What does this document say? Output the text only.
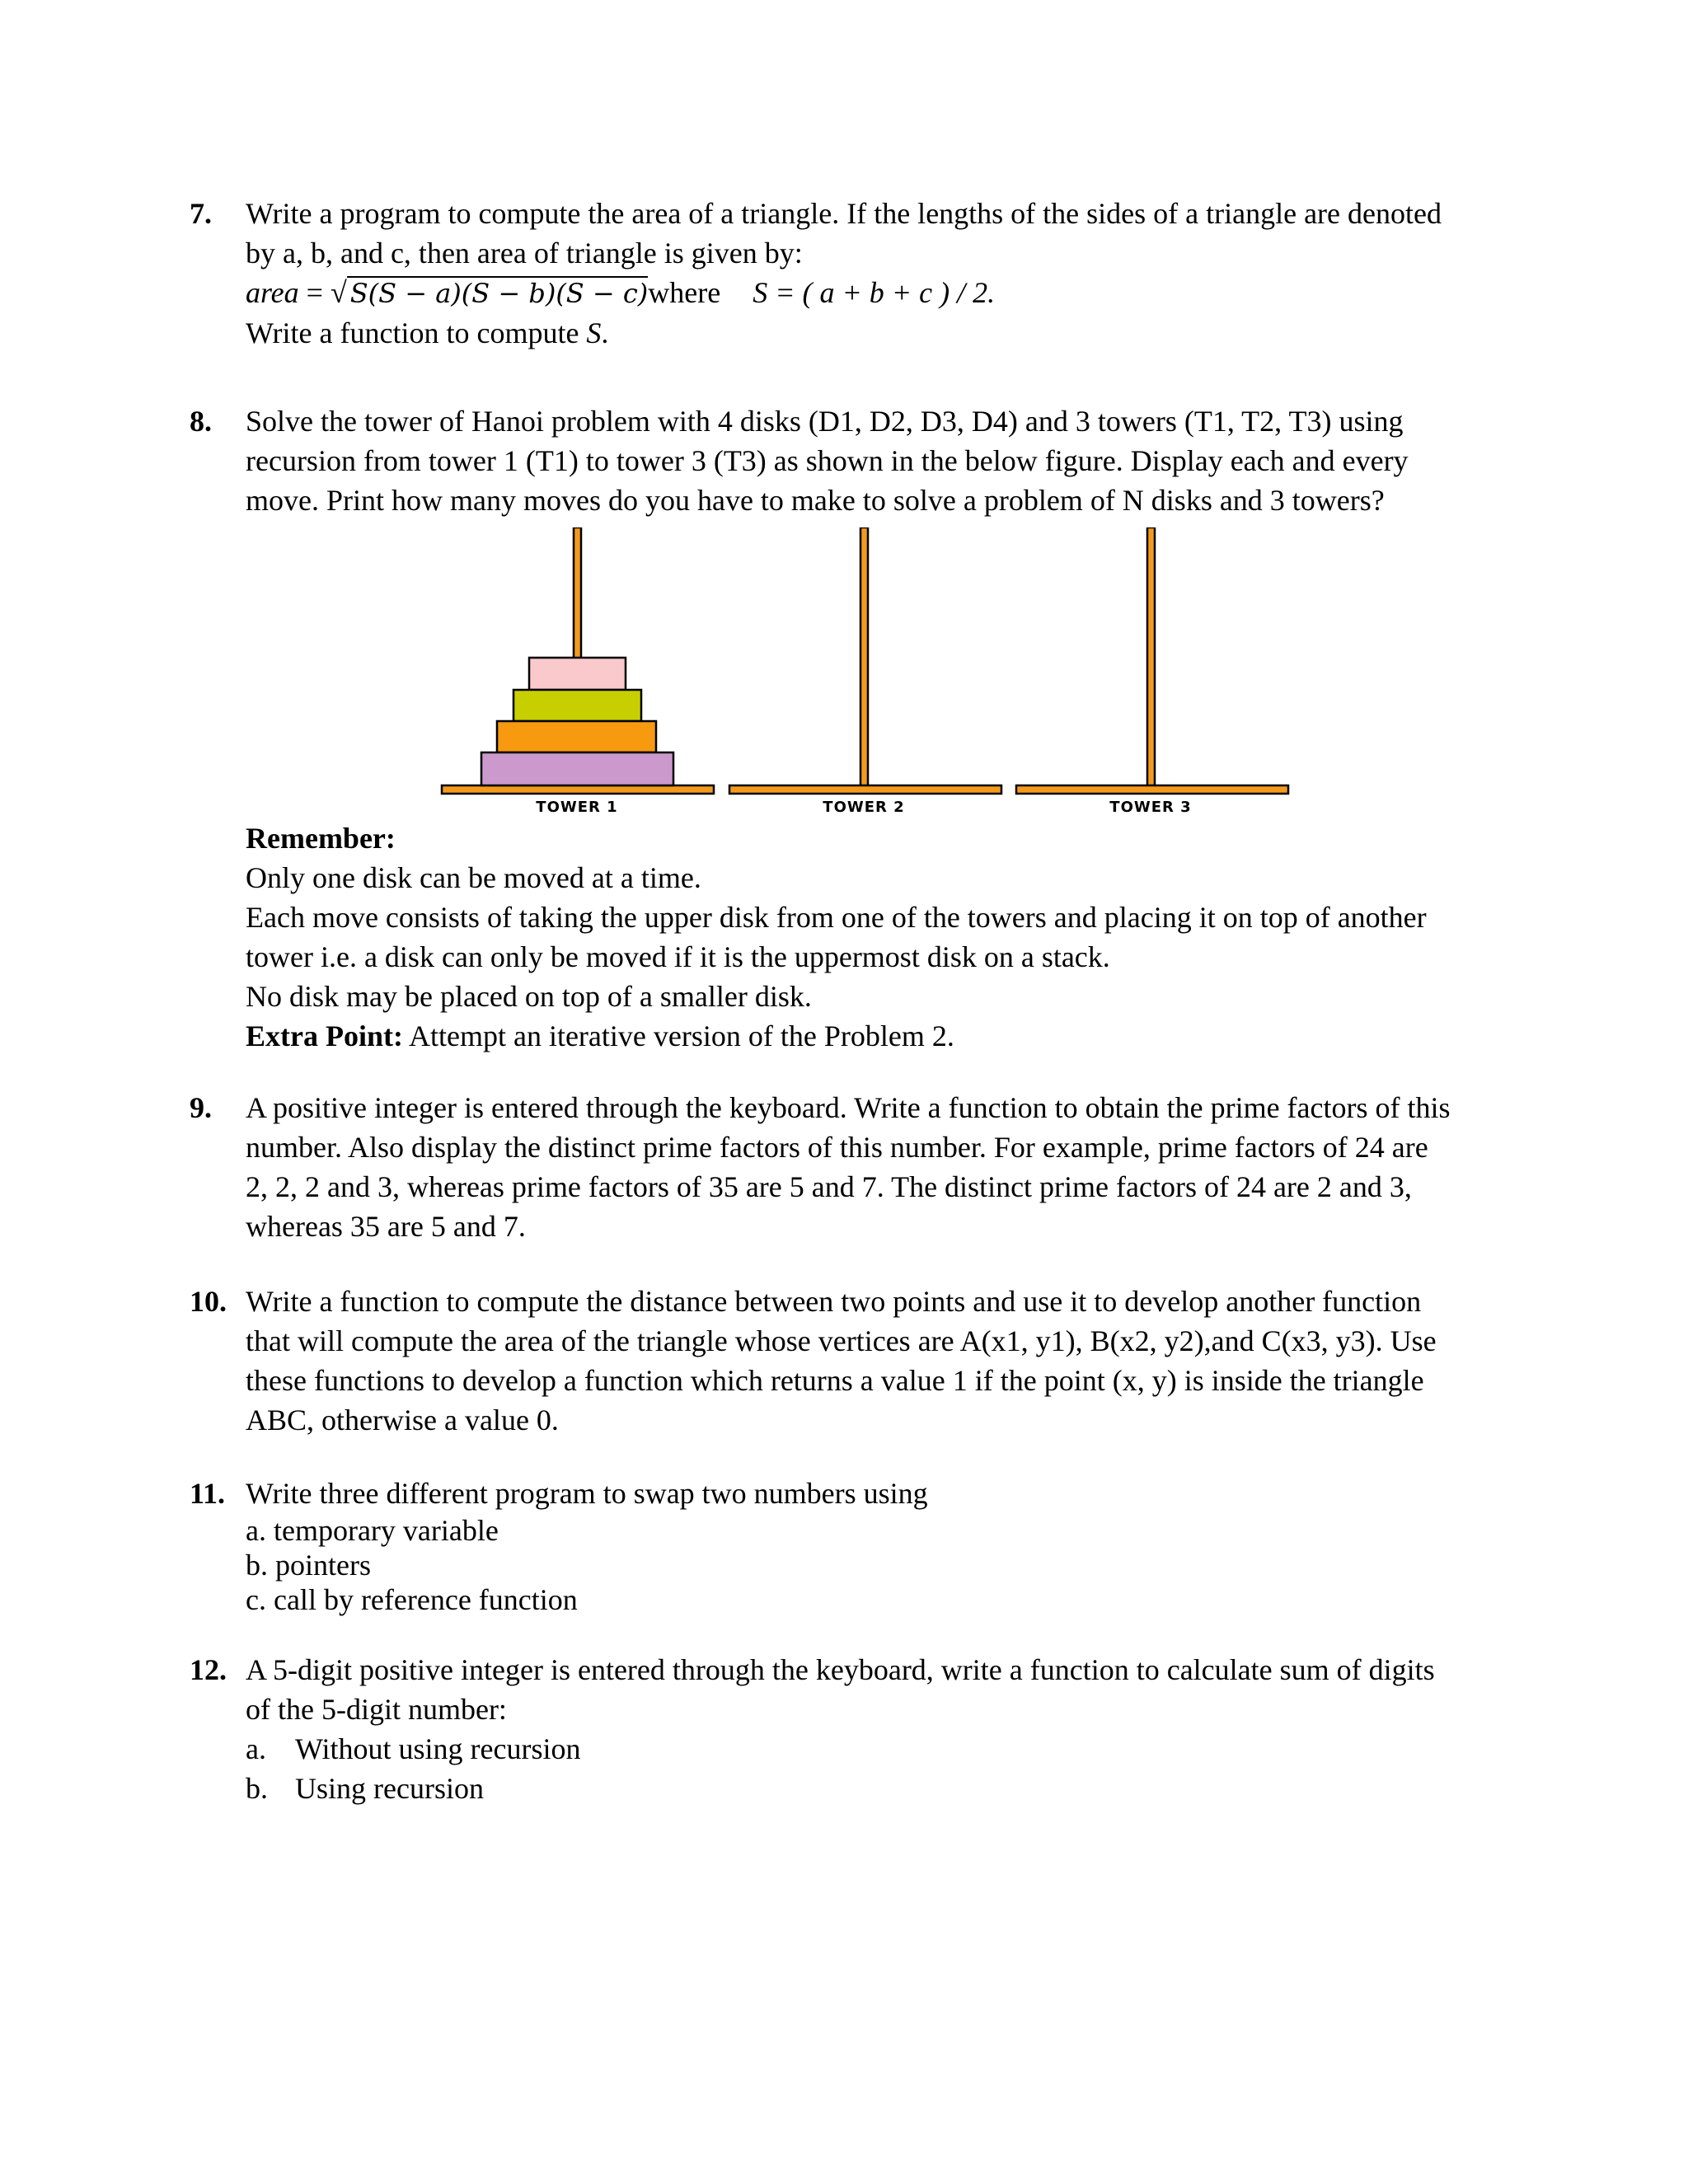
7. Write a program to compute the area of a triangle. If the lengths of the sides of a triangle are denoted
by a, b, and c, then area of triangle is given by:
area = √ S(S − a)(S − b)(S − c)where S = ( a + b + c ) / 2.
Write a function to compute S.
8. Solve the tower of Hanoi problem with 4 disks (D1, D2, D3, D4) and 3 towers (T1, T2, T3) using
recursion from tower 1 (T1) to tower 3 (T3) as shown in the below figure. Display each and every
move. Print how many moves do you have to make to solve a problem of N disks and 3 towers?
TOWER 1	TOWER 2	TOWER 3
Remember:
Only one disk can be moved at a time.
Each move consists of taking the upper disk from one of the towers and placing it on top of another
tower i.e. a disk can only be moved if it is the uppermost disk on a stack.
No disk may be placed on top of a smaller disk.
Extra Point: Attempt an iterative version of the Problem 2.
9. A positive integer is entered through the keyboard. Write a function to obtain the prime factors of this
number. Also display the distinct prime factors of this number. For example, prime factors of 24 are
2, 2, 2 and 3, whereas prime factors of 35 are 5 and 7. The distinct prime factors of 24 are 2 and 3,
whereas 35 are 5 and 7.
10. Write a function to compute the distance between two points and use it to develop another function
that will compute the area of the triangle whose vertices are A(x1, y1), B(x2, y2),and C(x3, y3). Use
these functions to develop a function which returns a value 1 if the point (x, y) is inside the triangle
ABC, otherwise a value 0.
11. Write three different program to swap two numbers using
a. temporary variable
b. pointers
c. call by reference function
12. A 5-digit positive integer is entered through the keyboard, write a function to calculate sum of digits
of the 5-digit number:
a. Without using recursion
b. Using recursion
